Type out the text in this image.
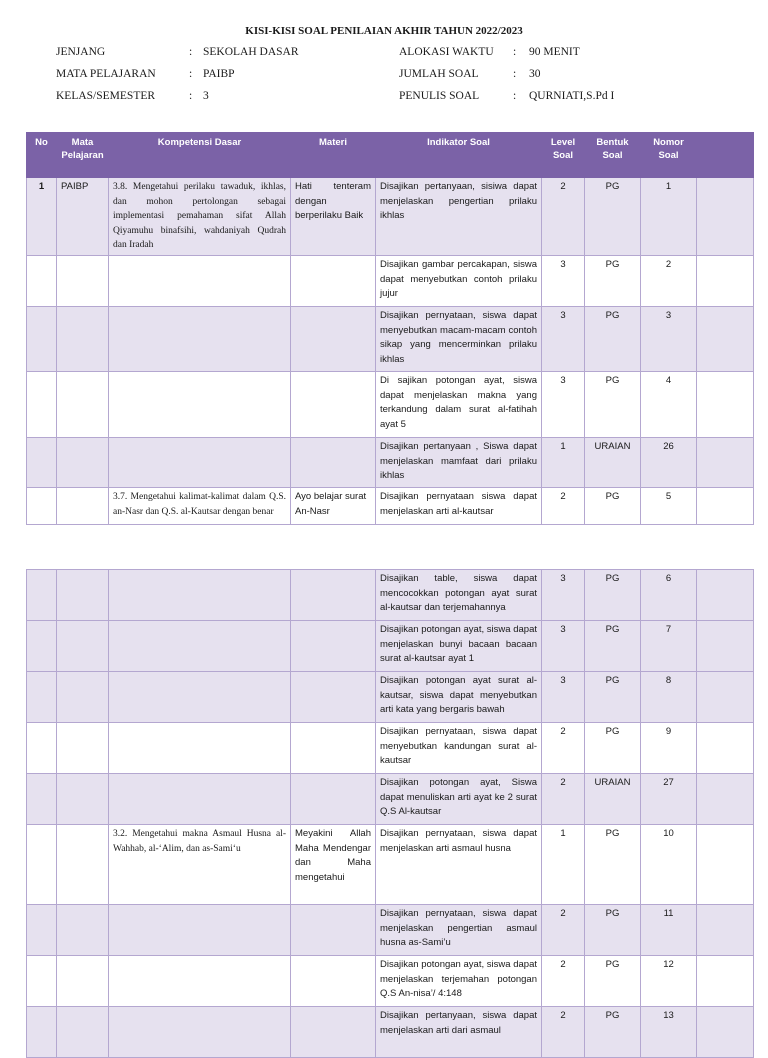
KISI-KISI SOAL PENILAIAN AKHIR TAHUN 2022/2023
JENJANG	: SEKOLAH DASAR
MATA PELAJARAN	: PAIBP
KELAS/SEMESTER	: 3
ALOKASI WAKTU : 90 MENIT
JUMLAH SOAL	: 30
PENULIS SOAL	: QURNIATI,S.Pd I
No	Mata Pelajaran	Kompetensi Dasar	Materi	Indikator Soal	Level Soal	Bentuk Soal	Nomor Soal	
1	PAIBP	3.8. Mengetahui perilaku tawaduk, ikhlas, dan mohon pertolongan sebagai implementasi pemahaman sifat Allah Qiyamuhu binafsihi, wahdaniyah Qudrah dan Iradah	Hati tenteram dengan berperilaku Baik	Disajikan pertanyaan, sisiwa dapat menjelaskan pengertian prilaku ikhlas	2	PG	1	
				Disajikan gambar percakapan, siswa dapat menyebutkan contoh prilaku jujur	3	PG	2	
				Disajikan pernyataan, siswa dapat menyebutkan macam-macam contoh sikap yang mencerminkan prilaku ikhlas	3	PG	3	
				Di sajikan potongan ayat, siswa dapat menjelaskan makna yang terkandung dalam surat al-fatihah ayat 5	3	PG	4	
				Disajikan pertanyaan , Siswa dapat menjelaskan mamfaat dari prilaku ikhlas	1	URAIAN	26	
		3.7. Mengetahui kalimat-kalimat dalam Q.S. an-Nasr dan Q.S. al-Kautsar dengan benar	Ayo belajar surat An-Nasr	Disajikan pernyataan siswa dapat menjelaskan arti al-kautsar	2	PG	5	
				Disajikan table, siswa dapat mencocokkan potongan ayat surat al-kautsar dan terjemahannya	3	PG	6	
				Disajikan potongan ayat, siswa dapat menjelaskan bunyi bacaan bacaan surat al-kautsar ayat 1	3	PG	7	
				Disajikan potongan ayat surat al-kautsar, siswa dapat menyebutkan arti kata yang bergaris bawah	3	PG	8	
				Disajikan pernyataan, siswa dapat menyebutkan kandungan surat al-kautsar	2	PG	9	
				Disajikan potongan ayat, Siswa dapat menuliskan arti ayat ke 2 surat Q.S Al-kautsar	2	URAIAN	27	
		3.2. Mengetahui makna Asmaul Husna al-Wahhab, al-‘Alim, dan as-Sami‘u	Meyakini Allah Maha Mendengar dan Maha mengetahui	Disajikan pernyataan, siswa dapat menjelaskan arti asmaul husna	1	PG	10	
				Disajikan pernyataan, siswa dapat menjelaskan pengertian asmaul husna as-Sami’u	2	PG	11	
				Disajikan potongan ayat, siswa dapat menjelaskan terjemahan potongan Q.S An-nisa’/ 4:148	2	PG	12	
				Disajikan pertanyaan, siswa dapat menjelaskan arti dari asmaul	2	PG	13	
